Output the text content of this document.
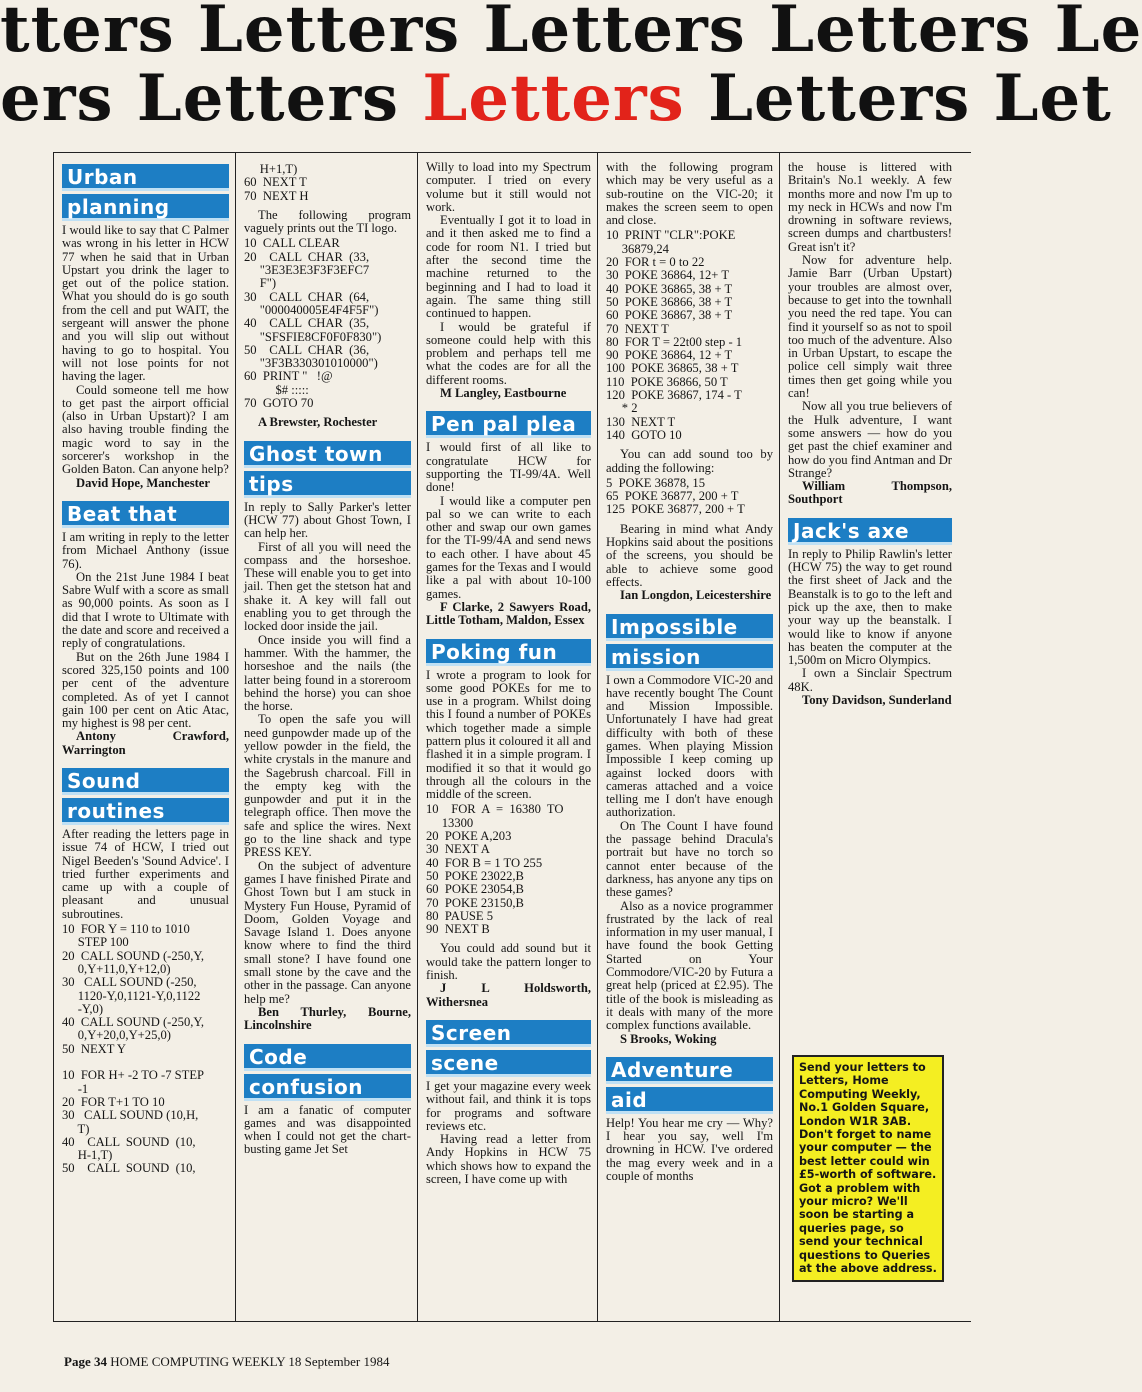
tters Letters Letters Letters Le
ers Letters Letters Letters Let
Urban
planning

I would like to say that C Palmer was wrong in his letter in HCW 77 when he said that in Urban Upstart you drink the lager to get out of the police station. What you should do is go south from the cell and put WAIT, the sergeant will answer the phone and you will slip out without having to go to hospital. You will not lose points for not having the lager.

Could someone tell me how to get past the airport official (also in Urban Upstart)? I am also having trouble finding the magic word to say in the sorcerer's workshop in the Golden Baton. Can anyone help?

David Hope, Manchester

Beat that

I am writing in reply to the letter from Michael Anthony (issue 76).

On the 21st June 1984 I beat Sabre Wulf with a score as small as 90,000 points. As soon as I did that I wrote to Ultimate with the date and score and received a reply of congratulations.

But on the 26th June 1984 I scored 325,150 points and 100 per cent of the adventure completed. As of yet I cannot gain 100 per cent on Atic Atac, my highest is 98 per cent.

Antony Crawford, Warrington

Sound
routines

After reading the letters page in issue 74 of HCW, I tried out Nigel Beeden's 'Sound Advice'. I tried further experiments and came up with a couple of pleasant and unusual subroutines.

10  FOR Y = 110 to 1010
STEP 100
20  CALL SOUND (-250,Y,
0,Y+11,0,Y+12,0)
30   CALL SOUND (-250,
1120-Y,0,1121-Y,0,1122
-Y,0)
40  CALL SOUND (-250,Y,
0,Y+20,0,Y+25,0)
50  NEXT Y

10  FOR H+ -2 TO -7 STEP
-1
20  FOR T+1 TO 10
30   CALL SOUND (10,H,
T)
40    CALL  SOUND  (10,
H-1,T)
50    CALL  SOUND  (10,
H+1,T)
60  NEXT T
70  NEXT H

The following program vaguely prints out the TI logo.

10  CALL CLEAR
20    CALL  CHAR  (33,
"3E3E3E3F3F3EFC7
F")
30    CALL  CHAR  (64,
"000040005E4F4F5F")
40    CALL  CHAR  (35,
"SFSFIE8CF0F0F830")
50    CALL  CHAR  (36,
"3F3B330301010000")
60  PRINT "   !@
$# :::::
70  GOTO 70

A Brewster, Rochester

Ghost town
tips

In reply to Sally Parker's letter (HCW 77) about Ghost Town, I can help her.

First of all you will need the compass and the horseshoe. These will enable you to get into jail. Then get the stetson hat and shake it. A key will fall out enabling you to get through the locked door inside the jail.

Once inside you will find a hammer. With the hammer, the horseshoe and the nails (the latter being found in a storeroom behind the horse) you can shoe the horse.

To open the safe you will need gunpowder made up of the yellow powder in the field, the white crystals in the manure and the Sagebrush charcoal. Fill in the empty keg with the gunpowder and put it in the telegraph office. Then move the safe and splice the wires. Next go to the line shack and type PRESS KEY.

On the subject of adventure games I have finished Pirate and Ghost Town but I am stuck in Mystery Fun House, Pyramid of Doom, Golden Voyage and Savage Island 1. Does anyone know where to find the third small stone? I have found one small stone by the cave and the other in the passage. Can anyone help me?

Ben Thurley, Bourne, Lincolnshire

Code
confusion

I am a fanatic of computer games and was disappointed when I could not get the chart-busting game Jet Set

Willy to load into my Spectrum computer. I tried on every volume but it still would not work.

Eventually I got it to load in and it then asked me to find a code for room N1. I tried but after the second time the machine returned to the beginning and I had to load it again. The same thing still continued to happen.

I would be grateful if someone could help with this problem and perhaps tell me what the codes are for all the different rooms.

M Langley, Eastbourne

Pen pal plea

I would first of all like to congratulate HCW for supporting the TI-99/4A. Well done!

I would like a computer pen pal so we can write to each other and swap our own games for the TI-99/4A and send news to each other. I have about 45 games for the Texas and I would like a pal with about 10-100 games.

F Clarke, 2 Sawyers Road, Little Totham, Maldon, Essex

Poking fun

I wrote a program to look for some good POKEs for me to use in a program. Whilst doing this I found a number of POKEs which together made a simple pattern plus it coloured it all and flashed it in a simple program. I modified it so that it would go through all the colours in the middle of the screen.

10    FOR  A  =  16380  TO
13300
20  POKE A,203
30  NEXT A
40  FOR B = 1 TO 255
50  POKE 23022,B
60  POKE 23054,B
70  POKE 23150,B
80  PAUSE 5
90  NEXT B

You could add sound but it would take the pattern longer to finish.

J L Holdsworth, Withersnea

Screen
scene

I get your magazine every week without fail, and think it is tops for programs and software reviews etc.

Having read a letter from Andy Hopkins in HCW 75 which shows how to expand the screen, I have come up with

with the following program which may be very useful as a sub-routine on the VIC-20; it makes the screen seem to open and close.

10  PRINT "CLR":POKE
36879,24
20  FOR t = 0 to 22
30  POKE 36864, 12+ T
40  POKE 36865, 38 + T
50  POKE 36866, 38 + T
60  POKE 36867, 38 + T
70  NEXT T
80  FOR T = 22t00 step - 1
90  POKE 36864, 12 + T
100  POKE 36865, 38 + T
110  POKE 36866, 50 T
120  POKE 36867, 174 - T
* 2
130  NEXT T
140  GOTO 10

You can add sound too by adding the following:

5  POKE 36878, 15
65  POKE 36877, 200 + T
125  POKE 36877, 200 + T

Bearing in mind what Andy Hopkins said about the positions of the screens, you should be able to achieve some good effects.

Ian Longdon, Leicestershire

Impossible
mission

I own a Commodore VIC-20 and have recently bought The Count and Mission Impossible. Unfortunately I have had great difficulty with both of these games. When playing Mission Impossible I keep coming up against locked doors with cameras attached and a voice telling me I don't have enough authorization.

On The Count I have found the passage behind Dracula's portrait but have no torch so cannot enter because of the darkness, has anyone any tips on these games?

Also as a novice programmer frustrated by the lack of real information in my user manual, I have found the book Getting Started on Your Commodore/VIC-20 by Futura a great help (priced at £2.95). The title of the book is misleading as it deals with many of the more complex functions available.

S Brooks, Woking

Adventure
aid

Help! You hear me cry — Why? I hear you say, well I'm drowning in HCW. I've ordered the mag every week and in a couple of months

the house is littered with Britain's No.1 weekly. A few months more and now I'm up to my neck in HCWs and now I'm drowning in software reviews, screen dumps and chartbusters! Great isn't it?

Now for adventure help. Jamie Barr (Urban Upstart) your troubles are almost over, because to get into the townhall you need the red tape. You can find it yourself so as not to spoil too much of the adventure. Also in Urban Upstart, to escape the police cell simply wait three times then get going while you can!

Now all you true believers of the Hulk adventure, I want some answers — how do you get past the chief examiner and how do you find Antman and Dr Strange?

William Thompson, Southport

Jack's axe

In reply to Philip Rawlin's letter (HCW 75) the way to get round the first sheet of Jack and the Beanstalk is to go to the left and pick up the axe, then to make your way up the beanstalk. I would like to know if anyone has beaten the computer at the 1,500m on Micro Olympics.

I own a Sinclair Spectrum 48K.

Tony Davidson, Sunderland

Send your letters to Letters, Home Computing Weekly, No.1 Golden Square, London W1R 3AB. Don't forget to name your computer — the best letter could win £5-worth of software. Got a problem with your micro? We'll soon be starting a queries page, so send your technical questions to Queries at the above address.
Page 34 HOME COMPUTING WEEKLY 18 September 1984
